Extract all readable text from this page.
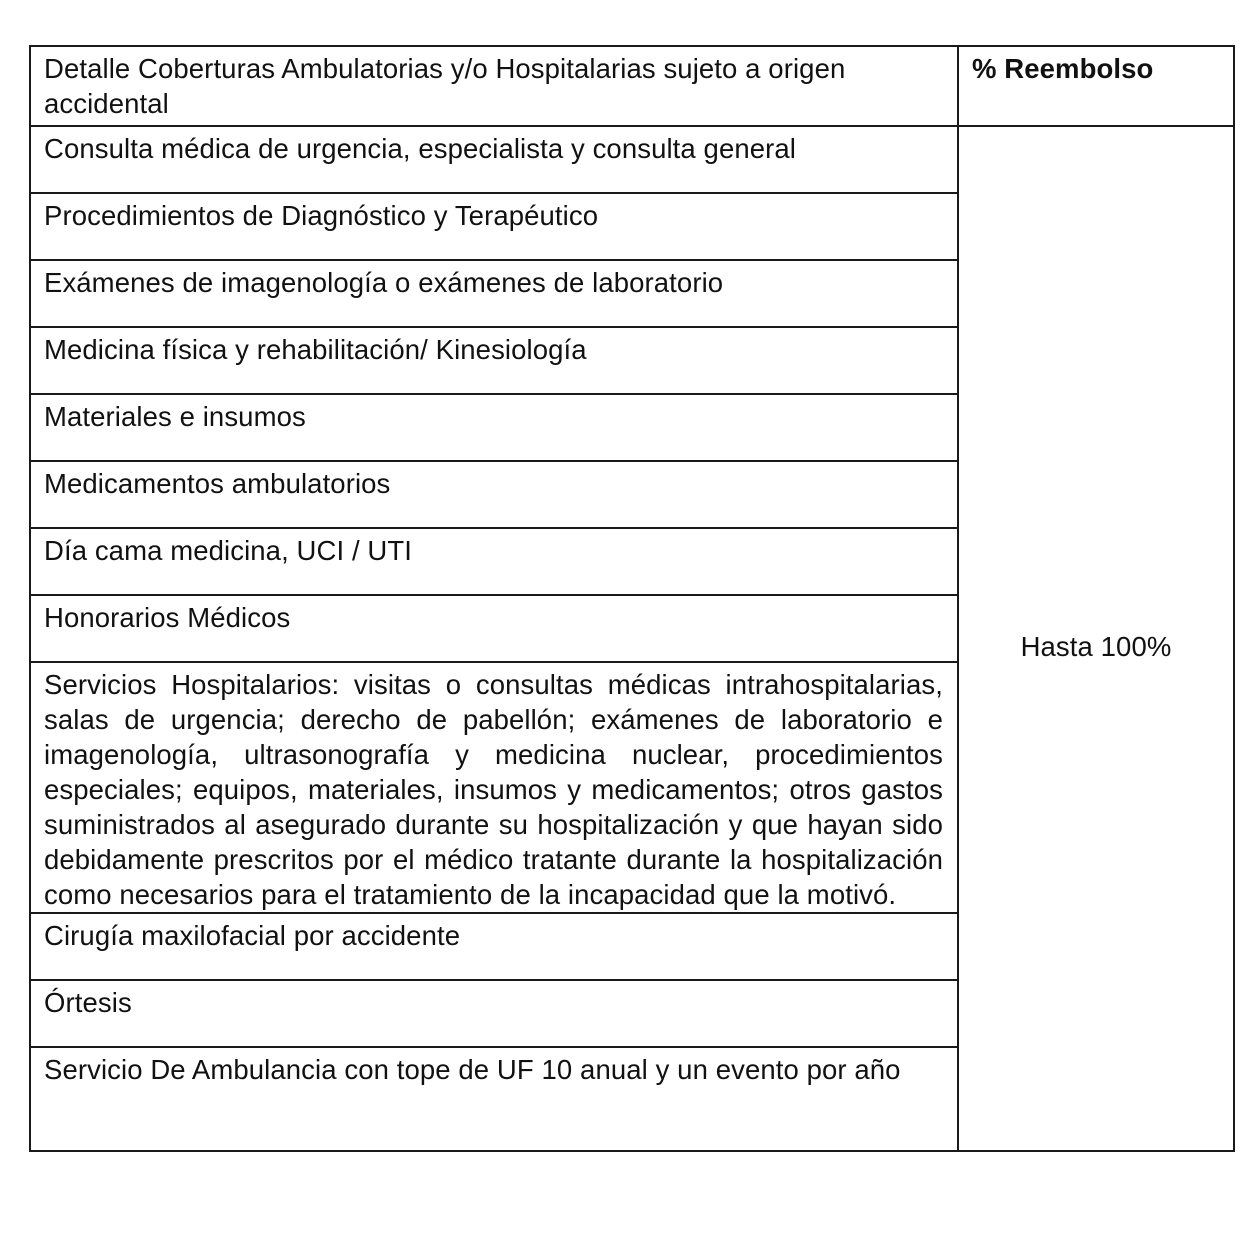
Detalle Coberturas Ambulatorias y/o Hospitalarias sujeto a origen accidental	% Reembolso
Consulta médica de urgencia, especialista y consulta general	Hasta 100%
Procedimientos de Diagnóstico y Terapéutico	
Exámenes de imagenología o exámenes de laboratorio	
Medicina física y rehabilitación/ Kinesiología	
Materiales e insumos	
Medicamentos ambulatorios	
Día cama medicina, UCI / UTI	
Honorarios Médicos	
Servicios Hospitalarios: visitas o consultas médicas intrahospitalarias, salas de urgencia; derecho de pabellón; exámenes de laboratorio e imagenología, ultrasonografía y medicina nuclear, procedimientos especiales; equipos, materiales, insumos y medicamentos; otros gastos suministrados al asegurado durante su hospitalización y que hayan sido debidamente prescritos por el médico tratante durante la hospitalización como necesarios para el tratamiento de la incapacidad que la motivó.	
Cirugía maxilofacial por accidente	
Órtesis	
Servicio De Ambulancia con tope de UF 10 anual y un evento por año	
